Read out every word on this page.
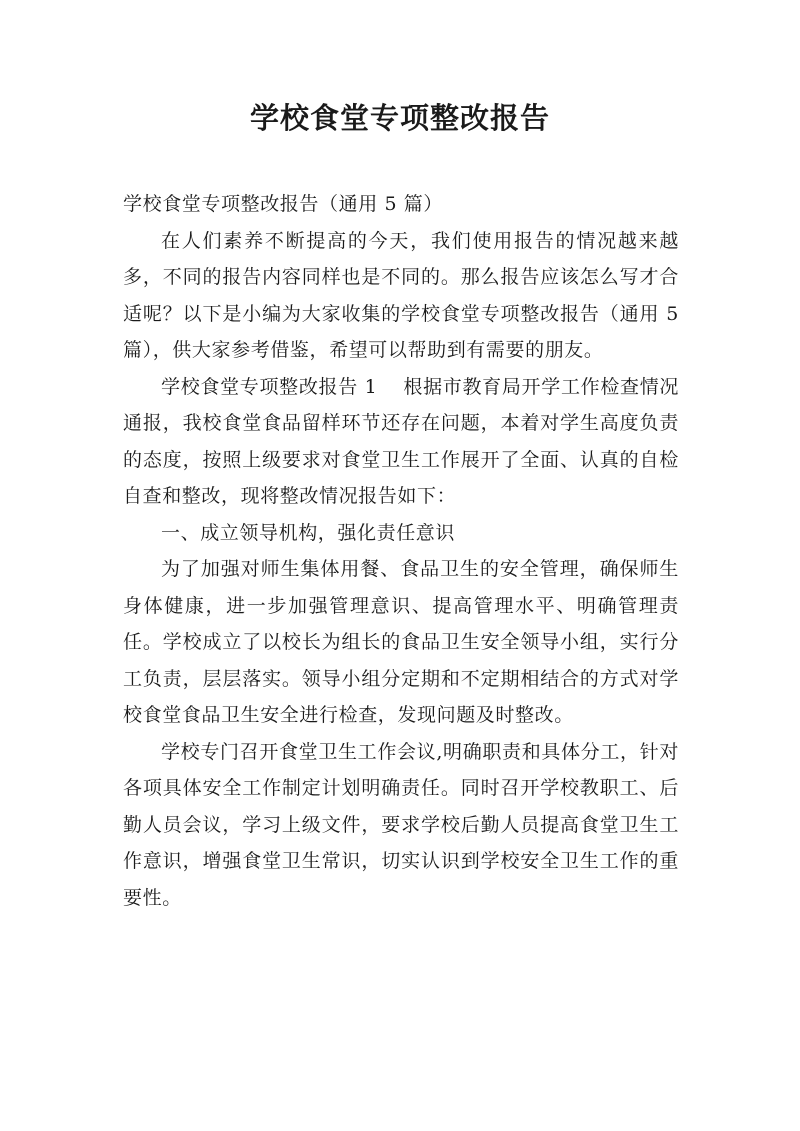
学校食堂专项整改报告

学校食堂专项整改报告（通用 5 篇）

在人们素养不断提高的今天，我们使用报告的情况越来越多，不同的报告内容同样也是不同的。那么报告应该怎么写才合适呢？以下是小编为大家收集的学校食堂专项整改报告（通用 5 篇），供大家参考借鉴，希望可以帮助到有需要的朋友。

学校食堂专项整改报告 1 根据市教育局开学工作检查情况通报，我校食堂食品留样环节还存在问题，本着对学生高度负责的态度，按照上级要求对食堂卫生工作展开了全面、认真的自检自查和整改，现将整改情况报告如下：

一、成立领导机构，强化责任意识

为了加强对师生集体用餐、食品卫生的安全管理，确保师生身体健康，进一步加强管理意识、提高管理水平、明确管理责任。学校成立了以校长为组长的食品卫生安全领导小组，实行分工负责，层层落实。领导小组分定期和不定期相结合的方式对学校食堂食品卫生安全进行检查，发现问题及时整改。

学校专门召开食堂卫生工作会议,明确职责和具体分工，针对各项具体安全工作制定计划明确责任。同时召开学校教职工、后勤人员会议，学习上级文件，要求学校后勤人员提高食堂卫生工作意识，增强食堂卫生常识，切实认识到学校安全卫生工作的重要性。
